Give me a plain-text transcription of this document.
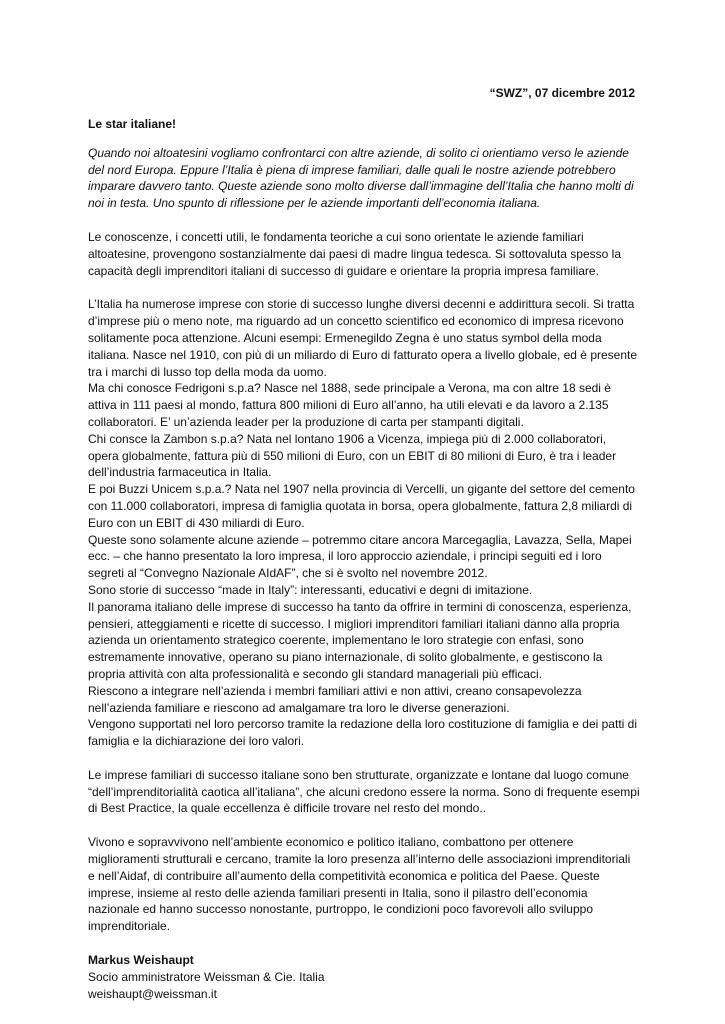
“SWZ”, 07 dicembre 2012

Le star italiane!

Quando noi altoatesini vogliamo confrontarci con altre aziende, di solito ci orientiamo verso le aziende del nord Europa. Eppure l’Italia è piena di imprese familiari, dalle quali le nostre aziende potrebbero imparare davvero tanto. Queste aziende sono molto diverse dall’immagine dell’Italia che hanno molti di noi in testa. Uno spunto di riflessione per le aziende importanti dell’economia italiana.

Le conoscenze, i concetti utili, le fondamenta teoriche a cui sono orientate le aziende familiari altoatesine, provengono sostanzialmente dai paesi di madre lingua tedesca. Si sottovaluta spesso la capacità degli imprenditori italiani di successo di guidare e orientare la propria impresa familiare.

L’Italia ha numerose imprese con storie di successo lunghe diversi decenni e addirittura secoli. Si tratta d’imprese più o meno note, ma riguardo ad un concetto scientifico ed economico di impresa ricevono solitamente poca attenzione. Alcuni esempi: Ermenegildo Zegna è uno status symbol della moda italiana. Nasce nel 1910, con più di un miliardo di Euro di fatturato opera a livello globale, ed è presente tra i marchi di lusso top della moda da uomo.
Ma chi conosce Fedrigoni s.p.a? Nasce nel 1888, sede principale a Verona, ma con altre 18 sedi è attiva in 111 paesi al mondo, fattura 800 milioni di Euro all’anno, ha utili elevati e da lavoro a 2.135 collaboratori. E’ un’azienda leader per la produzione di carta per stampanti digitali.
Chi consce la Zambon s.p.a? Nata nel lontano 1906 a Vicenza, impiega più di 2.000 collaboratori, opera globalmente, fattura più di 550 milioni di Euro, con un EBIT di 80 milioni di Euro, è tra i leader dell’industria farmaceutica in Italia.
E poi Buzzi Unicem s.p.a.? Nata nel 1907 nella provincia di Vercelli, un gigante del settore del cemento con 11.000 collaboratori, impresa di famiglia quotata in borsa, opera globalmente, fattura 2,8 miliardi di Euro con un EBIT di 430 miliardi di Euro.
Queste sono solamente alcune aziende – potremmo citare ancora Marcegaglia, Lavazza, Sella, Mapei ecc. – che hanno presentato la loro impresa, il loro approccio aziendale, i principi seguiti ed i loro segreti al “Convegno Nazionale AIdAF”, che si è svolto nel novembre 2012.
Sono storie di successo “made in Italy”: interessanti, educativi e degni di imitazione.
Il panorama italiano delle imprese di successo ha tanto da offrire in termini di conoscenza, esperienza, pensieri, atteggiamenti e ricette di successo. I migliori imprenditori familiari italiani danno alla propria azienda un orientamento strategico coerente, implementano le loro strategie con enfasi, sono estremamente innovative, operano su piano internazionale, di solito globalmente, e gestiscono la propria attività con alta professionalità e secondo gli standard manageriali più efficaci.
Riescono a integrare nell’azienda i membri familiari attivi e non attivi, creano consapevolezza nell’azienda familiare e riescono ad amalgamare tra loro le diverse generazioni.
Vengono supportati nel loro percorso tramite la redazione della loro costituzione di famiglia e dei patti di famiglia e la dichiarazione dei loro valori.

Le imprese familiari di successo italiane sono ben strutturate, organizzate e lontane dal luogo comune “dell’imprenditorialità caotica all’italiana”, che alcuni credono essere la norma. Sono di frequente esempi di Best Practice, la quale eccellenza è difficile trovare nel resto del mondo..

Vivono e sopravvivono nell’ambiente economico e politico italiano, combattono per ottenere miglioramenti strutturali e cercano, tramite la loro presenza all’interno delle associazioni imprenditoriali e nell’Aidaf, di contribuire all’aumento della competitività economica e politica del Paese. Queste imprese, insieme al resto delle azienda familiari presenti in Italia, sono il pilastro dell’economia nazionale ed hanno successo nonostante, purtroppo, le condizioni poco favorevoli allo sviluppo imprenditoriale.

Markus Weishaupt
Socio amministratore Weissman & Cie. Italia
weishaupt@weissman.it
